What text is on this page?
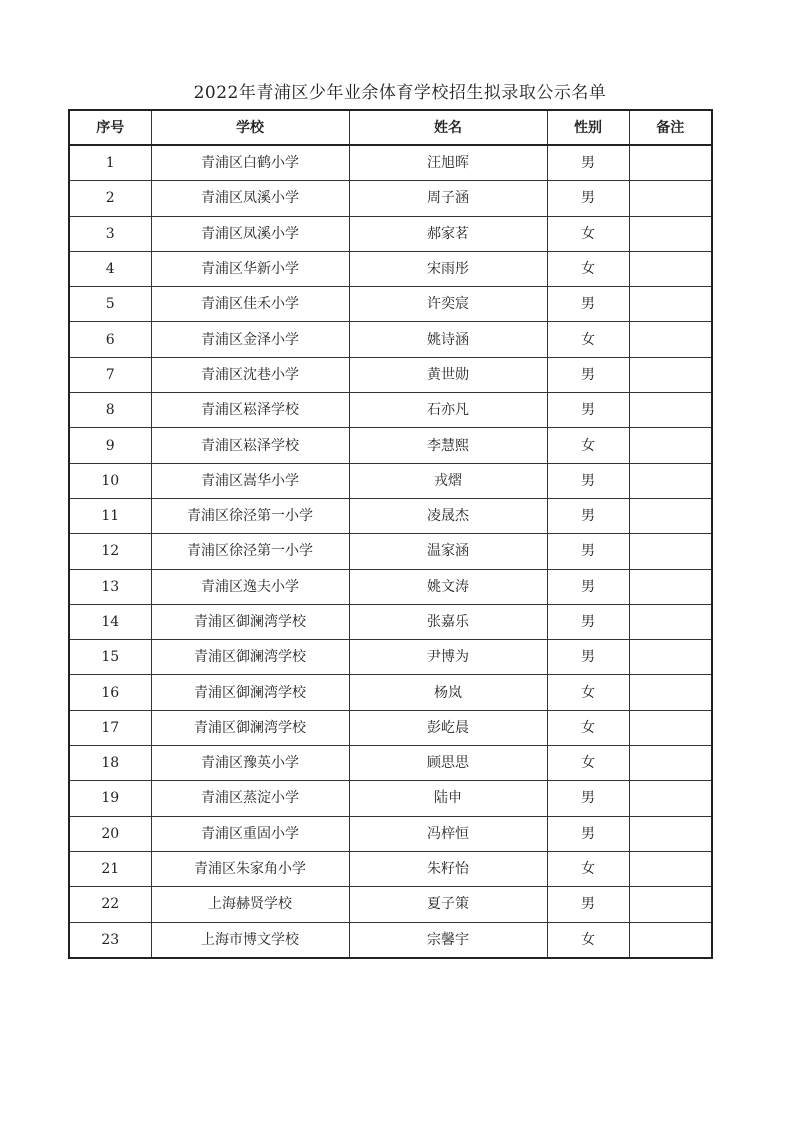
2022年青浦区少年业余体育学校招生拟录取公示名单
序号	学校	姓名	性别	备注
1	青浦区白鹤小学	汪旭晖	男	
2	青浦区凤溪小学	周子涵	男	
3	青浦区凤溪小学	郝家茗	女	
4	青浦区华新小学	宋雨彤	女	
5	青浦区佳禾小学	许奕宸	男	
6	青浦区金泽小学	姚诗涵	女	
7	青浦区沈巷小学	黄世勋	男	
8	青浦区崧泽学校	石亦凡	男	
9	青浦区崧泽学校	李慧熙	女	
10	青浦区嵩华小学	戎熠	男	
11	青浦区徐泾第一小学	凌晟杰	男	
12	青浦区徐泾第一小学	温家涵	男	
13	青浦区逸夫小学	姚文涛	男	
14	青浦区御澜湾学校	张嘉乐	男	
15	青浦区御澜湾学校	尹博为	男	
16	青浦区御澜湾学校	杨岚	女	
17	青浦区御澜湾学校	彭屹晨	女	
18	青浦区豫英小学	顾思思	女	
19	青浦区蒸淀小学	陆申	男	
20	青浦区重固小学	冯梓恒	男	
21	青浦区朱家角小学	朱籽怡	女	
22	上海赫贤学校	夏子策	男	
23	上海市博文学校	宗馨宇	女	
